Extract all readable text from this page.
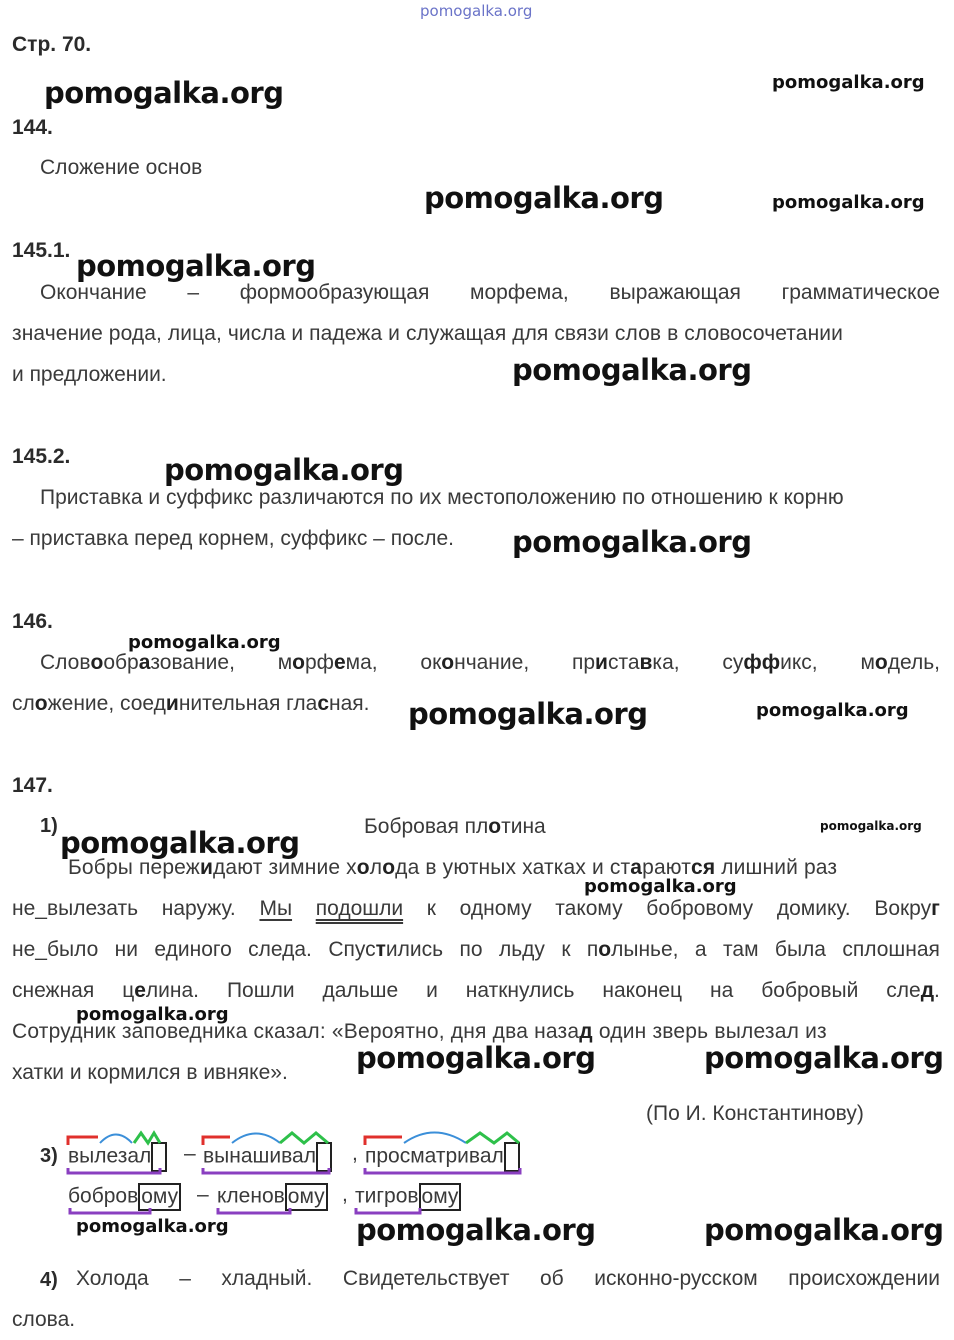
pomogalka.org
pomogalka.org	pomogalka.org
pomogalka.org	pomogalka.org
pomogalka.org
pomogalka.org
pomogalka.org
pomogalka.org
pomogalka.org
pomogalka.org	pomogalka.org
pomogalka.org	pomogalka.org
pomogalka.org
pomogalka.org
pomogalka.org	pomogalka.org
pomogalka.org	pomogalka.org	pomogalka.org
Стр. 70.
144.
Сложение основ
145.1.
Окончание – формообразующая морфема, выражающая грамматическое
значение рода, лица, числа и падежа и служащая для связи слов в словосочетании
и предложении.
145.2.
Приставка и суффикс различаются по их местоположению по отношению к корню
– приставка перед корнем, суффикс – после.
146.
Словообразование, морфема, окончание, приставка, суффикс, модель,
сложение, соединительная гласная.
147.
1)	Бобровая плотина
Бобры пережидают зимние холода в уютных хатках и стараются лишний раз
не_вылезать наружу. Мы подошли к одному такому бобровому домику. Вокруг
не_было ни единого следа. Спустились по льду к полынье, а там была сплошная
снежная целина. Пошли дальше и наткнулись наконец на бобровый след.
Сотрудник заповедника сказал: «Вероятно, дня два назад один зверь вылезал из
хатки и кормился в ивняке».
(По И. Константинову)
3) вылезал	– вынашивал	, просматривал
бобров ому – кленов ому , тигров ому
4) Холода – хладный. Свидетельствует об исконно-русском происхождении
слова.
